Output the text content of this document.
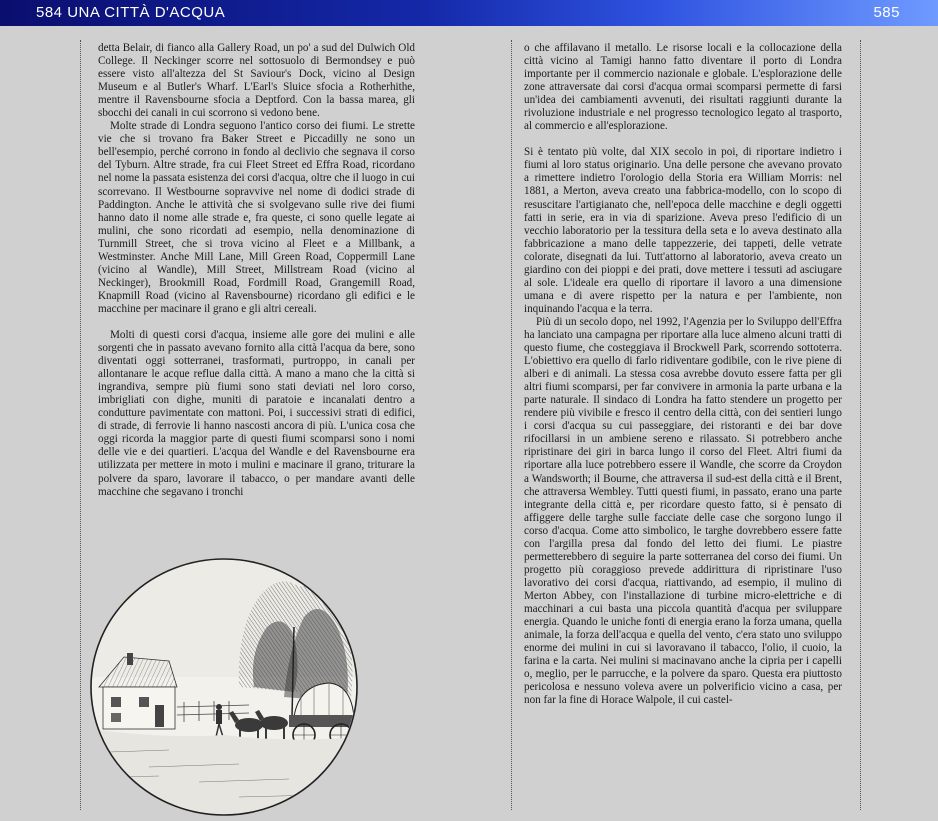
584 UNA CITTÀ D'ACQUA	585

detta Belair, di fianco alla Gallery Road, un po' a sud del Dulwich Old College. Il Neckinger scorre nel sottosuolo di Bermondsey e può essere visto all'altezza del St Saviour's Dock, vicino al Design Museum e al Butler's Wharf. L'Earl's Sluice sfocia a Rotherhithe, mentre il Ravensbourne sfocia a Deptford. Con la bassa marea, gli sbocchi dei canali in cui scorrono si vedono bene.

Molte strade di Londra seguono l'antico corso dei fiumi. Le strette vie che si trovano fra Baker Street e Piccadilly ne sono un bell'esempio, perché corrono in fondo al declivio che segnava il corso del Tyburn. Altre strade, fra cui Fleet Street ed Effra Road, ricordano nel nome la passata esistenza dei corsi d'acqua, oltre che il luogo in cui scorrevano. Il Westbourne sopravvive nel nome di dodici strade di Paddington. Anche le attività che si svolgevano sulle rive dei fiumi hanno dato il nome alle strade e, fra queste, ci sono quelle legate ai mulini, che sono ricordati ad esempio, nella denominazione di Turnmill Street, che si trova vicino al Fleet e a Millbank, a Westminster. Anche Mill Lane, Mill Green Road, Coppermill Lane (vicino al Wandle), Mill Street, Millstream Road (vicino al Neckinger), Brookmill Road, Fordmill Road, Grangemill Road, Knapmill Road (vicino al Ravensbourne) ricordano gli edifici e le macchine per macinare il grano e gli altri cereali.

Molti di questi corsi d'acqua, insieme alle gore dei mulini e alle sorgenti che in passato avevano fornito alla città l'acqua da bere, sono diventati oggi sotterranei, trasformati, purtroppo, in canali per allontanare le acque reflue dalla città. A mano a mano che la città si ingrandiva, sempre più fiumi sono stati deviati nel loro corso, imbrigliati con dighe, muniti di paratoie e incanalati dentro a condutture pavimentate con mattoni. Poi, i successivi strati di edifici, di strade, di ferrovie li hanno nascosti ancora di più. L'unica cosa che oggi ricorda la maggior parte di questi fiumi scomparsi sono i nomi delle vie e dei quartieri. L'acqua del Wandle e del Ravensbourne era utilizzata per mettere in moto i mulini e macinare il grano, triturare la polvere da sparo, lavorare il tabacco, o per mandare avanti delle macchine che segavano i tronchi

o che affilavano il metallo. Le risorse locali e la collocazione della città vicino al Tamigi hanno fatto diventare il porto di Londra importante per il commercio nazionale e globale. L'esplorazione delle zone attraversate dai corsi d'acqua ormai scomparsi permette di farsi un'idea dei cambiamenti avvenuti, dei risultati raggiunti durante la rivoluzione industriale e nel progresso tecnologico legato al trasporto, al commercio e all'esplorazione.

Si è tentato più volte, dal XIX secolo in poi, di riportare indietro i fiumi al loro status originario. Una delle persone che avevano provato a rimettere indietro l'orologio della Storia era William Morris: nel 1881, a Merton, aveva creato una fabbrica-modello, con lo scopo di resuscitare l'artigianato che, nell'epoca delle macchine e degli oggetti fatti in serie, era in via di sparizione. Aveva preso l'edificio di un vecchio laboratorio per la tessitura della seta e lo aveva destinato alla fabbricazione a mano delle tappezzerie, dei tappeti, delle vetrate colorate, disegnati da lui. Tutt'attorno al laboratorio, aveva creato un giardino con dei pioppi e dei prati, dove mettere i tessuti ad asciugare al sole. L'ideale era quello di riportare il lavoro a una dimensione umana e di avere rispetto per la natura e per l'ambiente, non inquinando l'acqua e la terra.

Più di un secolo dopo, nel 1992, l'Agenzia per lo Sviluppo dell'Effra ha lanciato una campagna per riportare alla luce almeno alcuni tratti di questo fiume, che costeggiava il Brockwell Park, scorrendo sottoterra. L'obiettivo era quello di farlo ridiventare godibile, con le rive piene di alberi e di animali. La stessa cosa avrebbe dovuto essere fatta per gli altri fiumi scomparsi, per far convivere in armonia la parte urbana e la parte naturale. Il sindaco di Londra ha fatto stendere un progetto per rendere più vivibile e fresco il centro della città, con dei sentieri lungo i corsi d'acqua su cui passeggiare, dei ristoranti e dei bar dove rifocillarsi in un ambiene sereno e rilassato. Si potrebbero anche ripristinare dei giri in barca lungo il corso del Fleet. Altri fiumi da riportare alla luce potrebbero essere il Wandle, che scorre da Croydon a Wandsworth; il Bourne, che attraversa il sud-est della città e il Brent, che attraversa Wembley. Tutti questi fiumi, in passato, erano una parte integrante della città e, per ricordare questo fatto, si è pensato di affiggere delle targhe sulle facciate delle case che sorgono lungo il corso d'acqua. Come atto simbolico, le targhe dovrebbero essere fatte con l'argilla presa dal fondo del letto dei fiumi. Le piastre permetterebbero di seguire la parte sotterranea del corso dei fiumi. Un progetto più coraggioso prevede addirittura di ripristinare l'uso lavorativo dei corsi d'acqua, riattivando, ad esempio, il mulino di Merton Abbey, con l'installazione di turbine micro-elettriche e di macchinari a cui basta una piccola quantità d'acqua per sviluppare energia. Quando le uniche fonti di energia erano la forza umana, quella animale, la forza dell'acqua e quella del vento, c'era stato uno sviluppo enorme dei mulini in cui si lavoravano il tabacco, l'olio, il cuoio, la farina e la carta. Nei mulini si macinavano anche la cipria per i capelli o, meglio, per le parrucche, e la polvere da sparo. Questa era piuttosto pericolosa e nessuno voleva avere un polverificio vicino a casa, per non far la fine di Horace Walpole, il cui castel-
